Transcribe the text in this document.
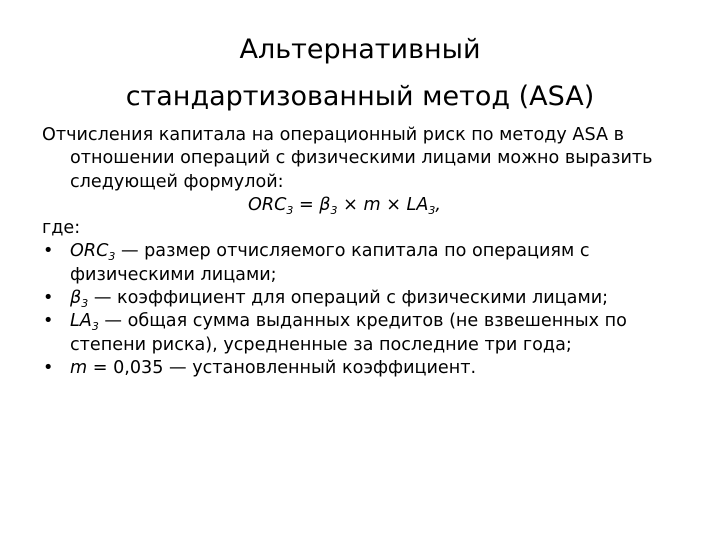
Альтернативный
стандартизованный метод (ASA)

Отчисления капитала на операционный риск по методу ASA в отношении операций с физическими лицами можно выразить следующей формулой:

$ORC_3 = \beta_3 \times m \times LA_3$,

где:

• $ORC_3$ — размер отчисляемого капитала по операциям с физическими лицами;
• $\beta_3$ — коэффициент для операций с физическими лицами;
• $LA_3$ — общая сумма выданных кредитов (не взвешенных по степени риска), усредненные за последние три года;
• m = 0,035 — установленный коэффициент.
